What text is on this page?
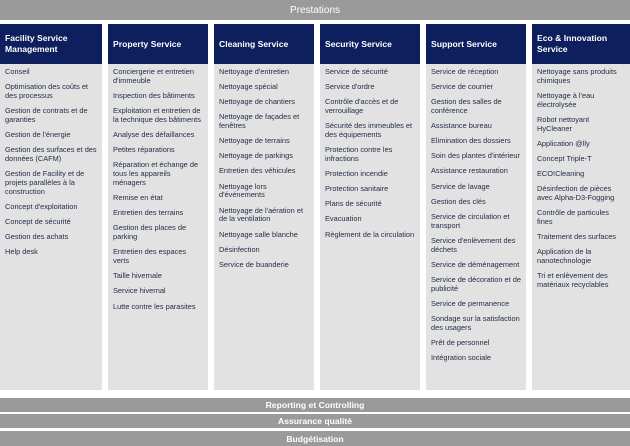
Prestations
Facility Service Management
Conseil
Optimisation des coûts et des processus
Gestion de contrats et de garanties
Gestion de l'énergie
Gestion des surfaces et des données (CAFM)
Gestion de Facility et de projets parallèles à la construction
Concept d'exploitation
Concept de sécurité
Gestion des achats
Help desk
Property Service
Conciergerie et entretien d'immeuble
Inspection des bâtiments
Exploitation et entretien de la technique des bâtiments
Analyse des défaillances
Petites réparations
Réparation et échange de tous les appareils ménagers
Remise en état
Entretien des terrains
Gestion des places de parking
Entretien des espaces verts
Taille hivernale
Service hivernal
Lutte contre les parasites
Cleaning Service
Nettoyage d'entretien
Nettoyage spécial
Nettoyage de chantiers
Nettoyage de façades et fenêtres
Nettoyage de terrains
Nettoyage de parkings
Entretien des véhicules
Nettoyage lors d'événements
Nettoyage de l'aération et de la ventilation
Nettoyage salle blanche
Désinfection
Service de buanderie
Security Service
Service de sécurité
Service d'ordre
Contrôle d'accès et de verrouillage
Sécurité des immeubles et des équipements
Protection contre les infractions
Protection incendie
Protection sanitaire
Plans de sécurité
Evacuation
Règlement de la circulation
Support Service
Service de réception
Service de courrier
Gestion des salles de conférence
Assistance bureau
Elimination des dossiers
Soin des plantes d'intérieur
Assistance restauration
Service de lavage
Gestion des clés
Service de circulation et transport
Service d'enlèvement des déchets
Service de déménagement
Service de décoration et de publicité
Service de permanence
Sondage sur la satisfaction des usagers
Prêt de personnel
Intégration sociale
Eco & Innovation Service
Nettoyage sans produits chimiques
Nettoyage à l'eau électrolysée
Robot nettoyant HyCleaner
Application @lly
Concept Triple-T
ECO!Cleaning
Désinfection de pièces avec Alpha-D3-Fogging
Contrôle de particules fines
Traitement des surfaces
Application de la nanotechnologie
Tri et enlèvement des matériaux recyclables
Reporting et Controlling
Assurance qualité
Budgétisation
